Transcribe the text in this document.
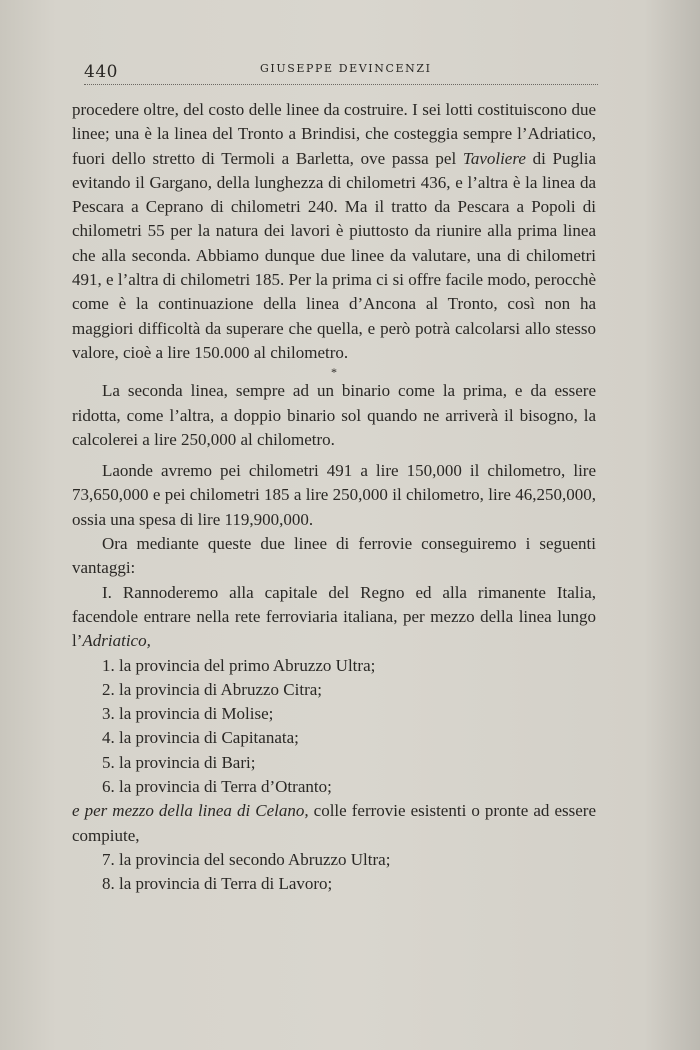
440	GIUSEPPE DEVINCENZI

procedere oltre, del costo delle linee da costruire. I sei lotti costituiscono due linee; una è la linea del Tronto a Brindisi, che costeggia sempre l’Adriatico, fuori dello stretto di Termoli a Barletta, ove passa pel Tavoliere di Puglia evitando il Gargano, della lunghezza di chilometri 436, e l’altra è la linea da Pescara a Ceprano di chilometri 240. Ma il tratto da Pescara a Popoli di chilometri 55 per la natura dei lavori è piuttosto da riunire alla prima linea che alla seconda. Abbiamo dunque due linee da valutare, una di chilometri 491, e l’altra di chilometri 185. Per la prima ci si offre facile modo, perocchè come è la continuazione della linea d’Ancona al Tronto, così non ha maggiori difficoltà da superare che quella, e però potrà calcolarsi allo stesso valore, cioè a lire 150.000 al chilometro.

*

La seconda linea, sempre ad un binario come la prima, e da essere ridotta, come l’altra, a doppio binario sol quando ne arriverà il bisogno, la calcolerei a lire 250,000 al chilometro.

Laonde avremo pei chilometri 491 a lire 150,000 il chilometro, lire 73,650,000 e pei chilometri 185 a lire 250,000 il chilometro, lire 46,250,000, ossia una spesa di lire 119,900,000.

Ora mediante queste due linee di ferrovie conseguiremo i seguenti vantaggi:

I. Rannoderemo alla capitale del Regno ed alla rimanente Italia, facendole entrare nella rete ferroviaria italiana, per mezzo della linea lungo l’Adriatico,

1. la provincia del primo Abruzzo Ultra;

2. la provincia di Abruzzo Citra;

3. la provincia di Molise;

4. la provincia di Capitanata;

5. la provincia di Bari;

6. la provincia di Terra d’Otranto;

e per mezzo della linea di Celano, colle ferrovie esistenti o pronte ad essere compiute,

7. la provincia del secondo Abruzzo Ultra;

8. la provincia di Terra di Lavoro;
